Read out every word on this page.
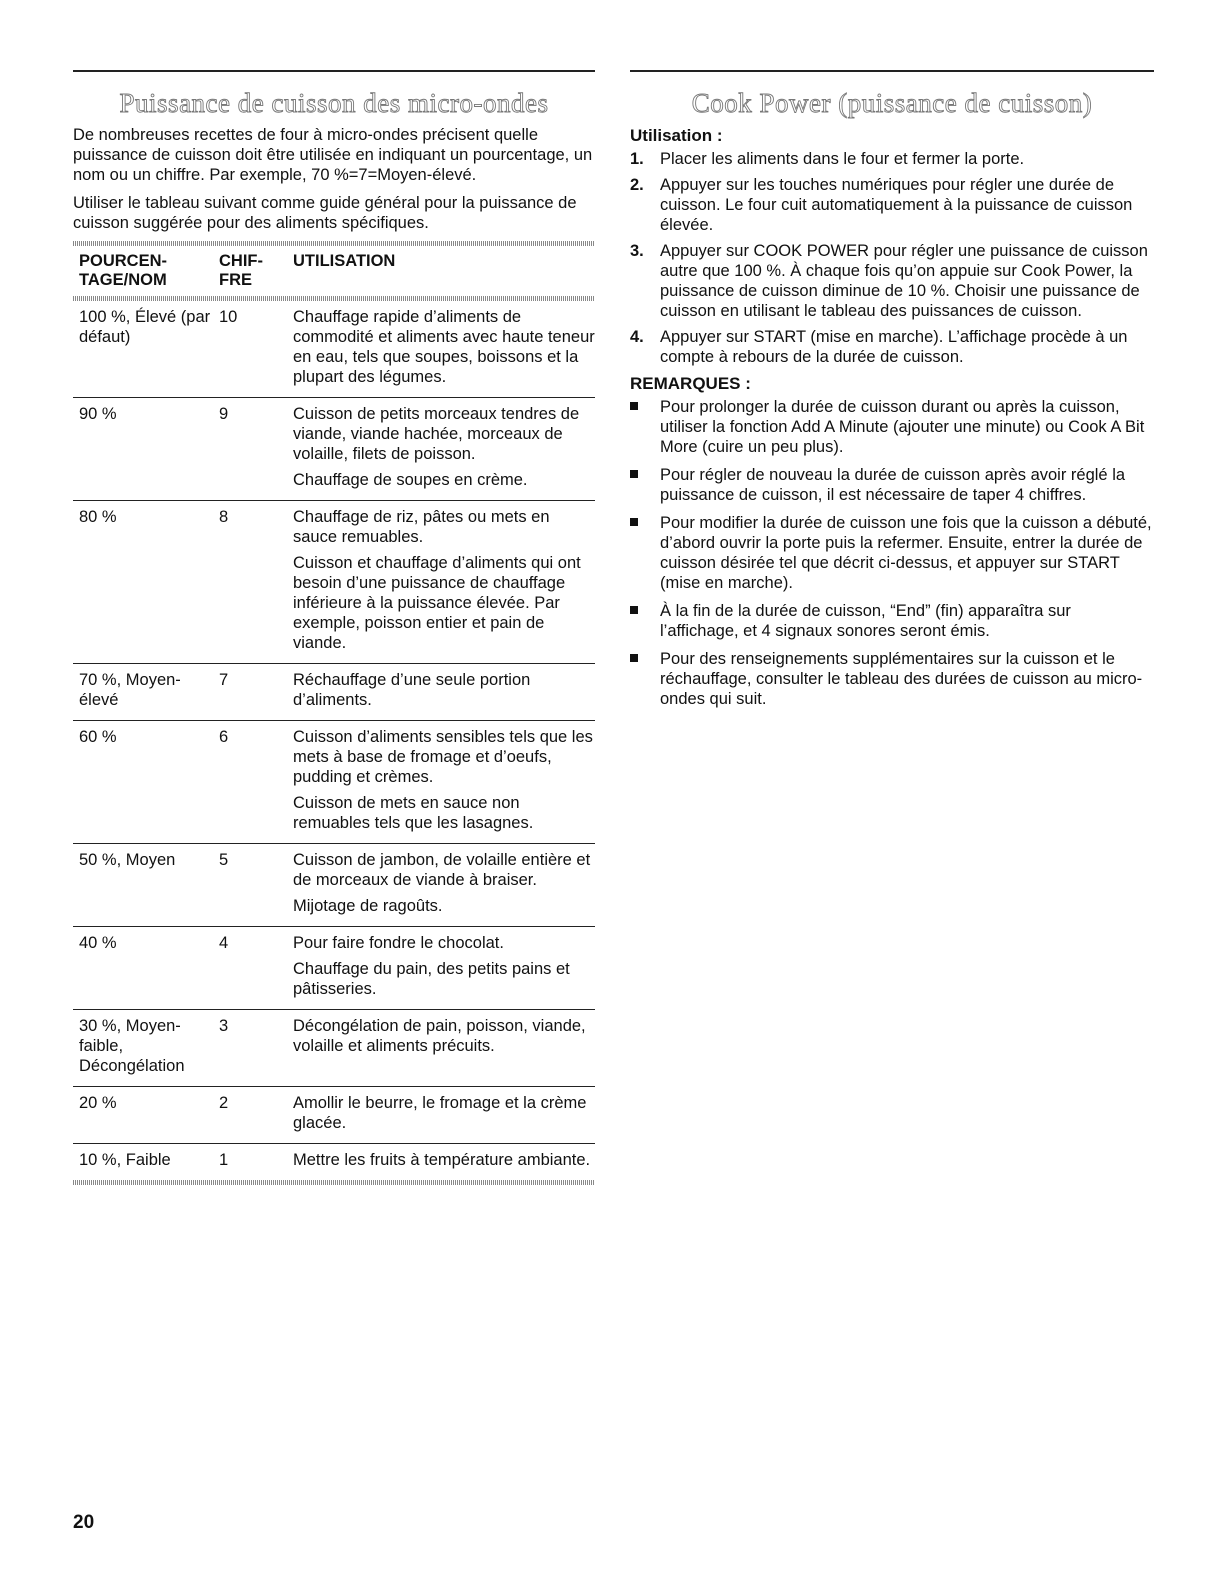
Puissance de cuisson des micro-ondes

De nombreuses recettes de four à micro-ondes précisent quelle puissance de cuisson doit être utilisée en indiquant un pourcentage, un nom ou un chiffre. Par exemple, 70 %=7=Moyen-élevé.

Utiliser le tableau suivant comme guide général pour la puissance de cuisson suggérée pour des aliments spécifiques.

POURCEN- TAGE/NOM	CHIF- FRE	UTILISATION

100 %, Élevé (par défaut)	10	Chauffage rapide d’aliments de commodité et aliments avec haute teneur en eau, tels que soupes, boissons et la plupart des légumes.

90 %	9	Cuisson de petits morceaux tendres de viande, viande hachée, morceaux de volaille, filets de poisson.

Chauffage de soupes en crème.

80 %	8	Chauffage de riz, pâtes ou mets en sauce remuables.

Cuisson et chauffage d’aliments qui ont besoin d’une puissance de chauffage inférieure à la puissance élevée. Par exemple, poisson entier et pain de viande.

70 %, Moyen-élevé	7	Réchauffage d’une seule portion d’aliments.

60 %	6	Cuisson d’aliments sensibles tels que les mets à base de fromage et d’oeufs, pudding et crèmes.

Cuisson de mets en sauce non remuables tels que les lasagnes.

50 %, Moyen	5	Cuisson de jambon, de volaille entière et de morceaux de viande à braiser.

Mijotage de ragoûts.

40 %	4	Pour faire fondre le chocolat.

Chauffage du pain, des petits pains et pâtisseries.

30 %, Moyen-faible, Décongélation	3	Décongélation de pain, poisson, viande, volaille et aliments précuits.

20 %	2	Amollir le beurre, le fromage et la crème glacée.

10 %, Faible	1	Mettre les fruits à température ambiante.

Cook Power (puissance de cuisson)
Utilisation :
1. Placer les aliments dans le four et fermer la porte.
2. Appuyer sur les touches numériques pour régler une durée de cuisson. Le four cuit automatiquement à la puissance de cuisson élevée.
3. Appuyer sur COOK POWER pour régler une puissance de cuisson autre que 100 %. À chaque fois qu’on appuie sur Cook Power, la puissance de cuisson diminue de 10 %. Choisir une puissance de cuisson en utilisant le tableau des puissances de cuisson.
4. Appuyer sur START (mise en marche). L’affichage procède à un compte à rebours de la durée de cuisson.
REMARQUES :
Pour prolonger la durée de cuisson durant ou après la cuisson, utiliser la fonction Add A Minute (ajouter une minute) ou Cook A Bit More (cuire un peu plus).
Pour régler de nouveau la durée de cuisson après avoir réglé la puissance de cuisson, il est nécessaire de taper 4 chiffres.
Pour modifier la durée de cuisson une fois que la cuisson a débuté, d’abord ouvrir la porte puis la refermer. Ensuite, entrer la durée de cuisson désirée tel que décrit ci-dessus, et appuyer sur START (mise en marche).
À la fin de la durée de cuisson, “End” (fin) apparaîtra sur l’affichage, et 4 signaux sonores seront émis.
Pour des renseignements supplémentaires sur la cuisson et le réchauffage, consulter le tableau des durées de cuisson au micro-ondes qui suit.
20
